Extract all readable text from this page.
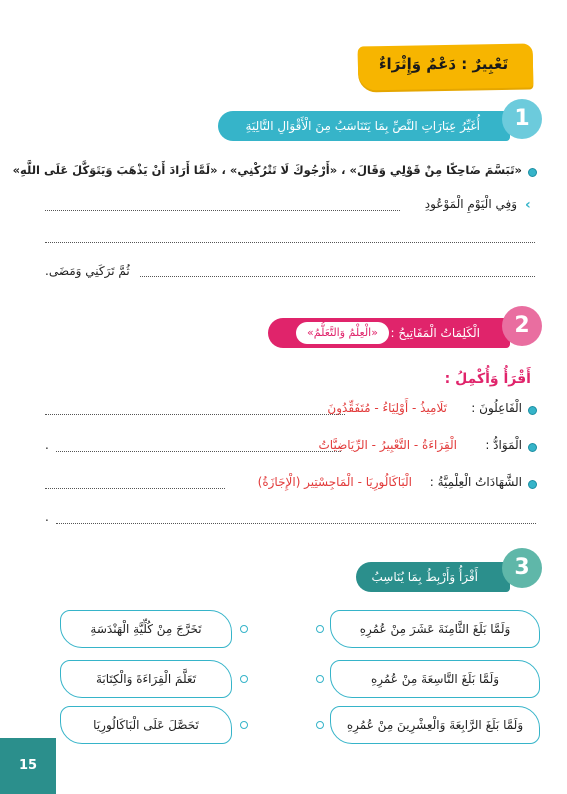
تَعْبِيرٌ : دَعْمٌ وَإِثْرَاءٌ
أُغَيِّرُ عِبَارَاتِ النَّصِّ بِمَا يَتَنَاسَبُ مِنَ الْأَقْوَالِ التَّالِيَةِ	1
«تَبَسَّمَ ضَاحِكًا مِنْ قَوْلِي وَقَالَ» ، «أَرْجُوكَ لَا تَتْرُكْنِي» ، «لَمَّا أَرَادَ أَنْ يَذْهَبَ وَيَتَوَكَّلَ عَلَى اللَّهِ»
‹
وَفِي الْيَوْمِ الْمَوْعُودِ
ثُمَّ تَرَكَنِي وَمَضَى.
الْكَلِمَاتُ الْمَفَاتِيحُ :
«الْعِلْمُ وَالتَّعَلُّمُ»	2
أَقْرَأُ وَأُكْمِلُ :
الْفَاعِلُونَ :
تَلَامِيذُ - أَوْلِيَاءُ - مُتَفَقِّدُونَ
الْمَوَادُّ :
الْقِرَاءَةُ - التَّعْبِيرُ - الرِّيَاضِيَّاتُ
.
الشَّهَادَاتُ الْعِلْمِيَّةُ :
الْبَاكَالُورِيَا - الْمَاجِسْتِير (الْإِجَازَةُ)
.
أَقْرَأُ وَأَرْبِطُ بِمَا يُنَاسِبُ	3
وَلَمَّا بَلَغَ الثَّامِنَةَ عَشَرَ مِنْ عُمُرِهِ
وَلَمَّا بَلَغَ التَّاسِعَةَ مِنْ عُمُرِهِ
وَلَمَّا بَلَغَ الرَّابِعَةَ وَالْعِشْرِينَ مِنْ عُمُرِهِ
تَخَرَّجَ مِنْ كُلِّيَّةِ الْهَنْدَسَةِ
تَعَلَّمَ الْقِرَاءَةَ وَالْكِتَابَةَ
تَحَصَّلَ عَلَى الْبَاكَالُورِيَا
15
